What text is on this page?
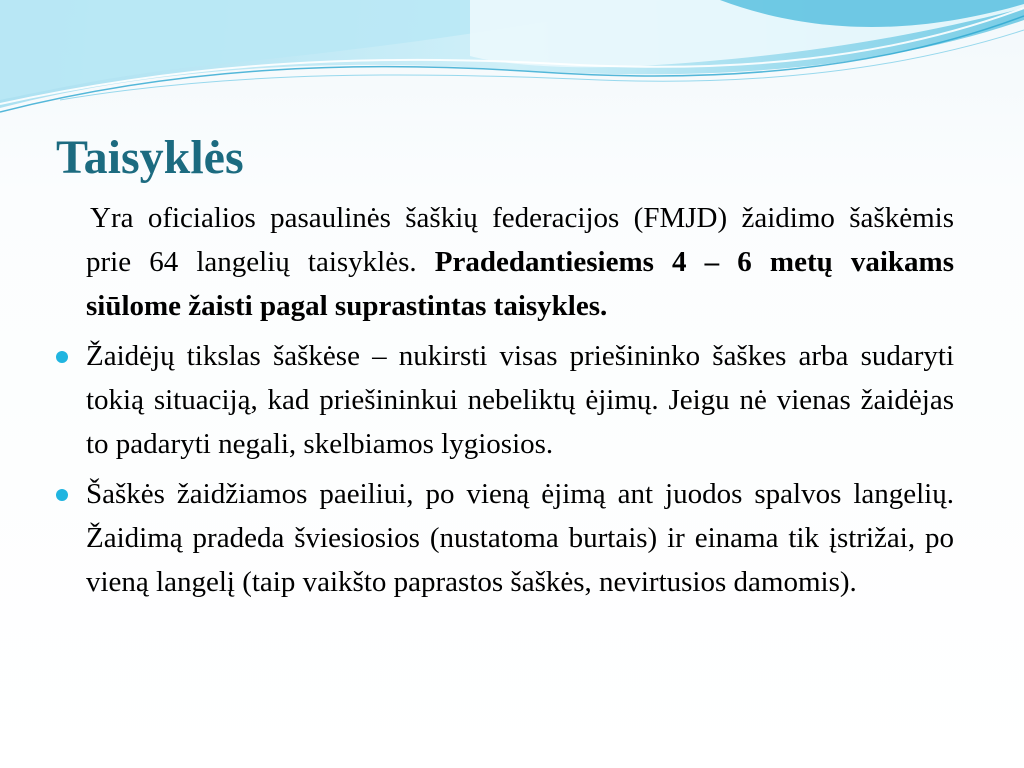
Taisyklės

Yra oficialios pasaulinės šaškių federacijos (FMJD) žaidimo šaškėmis prie 64 langelių taisyklės. Pradedantiesiems 4 – 6 metų vaikams siūlome žaisti pagal suprastintas taisykles.

Žaidėjų tikslas šaškėse – nukirsti visas priešininko šaškes arba sudaryti tokią situaciją, kad priešininkui nebeliktų ėjimų. Jeigu nė vienas žaidėjas to padaryti negali, skelbiamos lygiosios.

Šaškės žaidžiamos paeiliui, po vieną ėjimą ant juodos spalvos langelių. Žaidimą pradeda šviesiosios (nustatoma burtais) ir einama tik įstrižai, po vieną langelį (taip vaikšto paprastos šaškės, nevirtusios damomis).
